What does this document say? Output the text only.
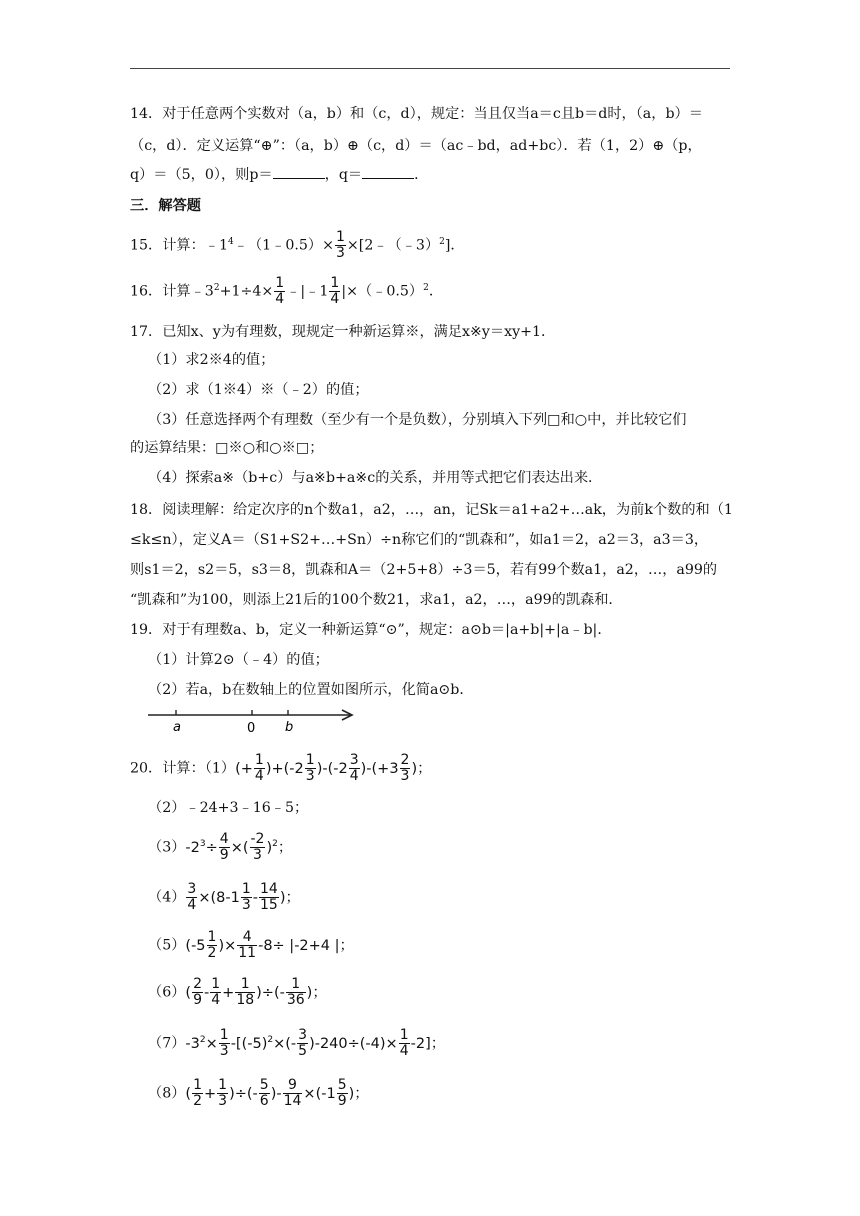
14．对于任意两个实数对（a，b）和（c，d），规定：当且仅当a＝c且b＝d时，（a，b）＝
（c，d）．定义运算“⊕”：（a，b）⊕（c，d）＝（ac﹣bd，ad+bc）．若（1，2）⊕（p，
q）＝（5，0），则p＝	，q＝	．
三．解答题
15．计算：$﹣1^4﹣(1﹣0.5)\times \frac{1}{3}$ ×[2﹣（﹣3）$^2$]．
16．计算$﹣3^2+1\div 4\times \frac{1}{4}$ ﹣|﹣1 $\frac{1}{4}$ |×（﹣0.5）$^2$．
17．已知x、y为有理数，现规定一种新运算※，满足x※y＝xy+1．
（1）求2※4的值；
（2）求（1※4）※（﹣2）的值；
（3）任意选择两个有理数（至少有一个是负数），分别填入下列□和○中，并比较它们
的运算结果：□※○和○※□；
（4）探索a※（b+c）与a※b+a※c的关系，并用等式把它们表达出来．
18．阅读理解：给定次序的n个数a1，a2，…，an，记Sk＝a1+a2+…ak，为前k个数的和（1
≤k≤n），定义A＝（S1+S2+…+Sn）÷n称它们的“凯森和”，如a1＝2，a2＝3，a3＝3，
则s1＝2，s2＝5，s3＝8，凯森和A＝（2+5+8）÷3＝5，若有99个数a1，a2，…，a99的
“凯森和”为100，则添上21后的100个数21，求a1，a2，…，a99的凯森和．
19．对于有理数a、b，定义一种新运算“⊙”，规定：a⊙b＝|a+b|+|a﹣b|．
（1）计算2⊙（﹣4）的值；
（2）若a，b在数轴上的位置如图所示，化简a⊙b．
a	0 b
20．计算：$(1)(+ \frac{1}{4} )+(-2 \frac{1}{3} )-(-2 \frac{3}{4} )-(+3 \frac{2}{3}$ )；
（2）﹣24+3﹣16﹣5；
$(3)-2^3\div \frac{4}{9}$ ×( $\frac{-2}{3} )^2$；
$(4) \frac{3}{4} \times(8-1 \frac{1}{3} - \frac{14}{15}$ )；
$(5)(-5 \frac{1}{2}$ )× $\frac{4}{11} -8\div |-2+4$ |；
$(6)( \frac{2}{9} - \frac{1}{4} + \frac{1}{18}$ )÷(- $\frac{1}{36}$ )；
$(7)-3^2\times \frac{1}{3} -[(-5)^2\times(- \frac{3}{5} )-240\div(-4)\times \frac{1}{4} -2]$；
$(8)( \frac{1}{2} + \frac{1}{3}$ )÷(- $\frac{5}{6}$ )- $\frac{9}{14} \times(-1 \frac{5}{9}$ )；
